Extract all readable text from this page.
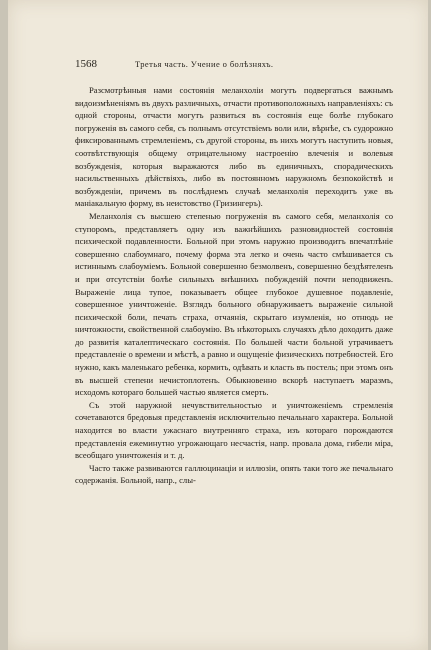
1568	Третья часть. Учение о болѣзняхъ.

Разсмотрѣнныя нами состоянія меланхоліи могутъ подвергаться важнымъ видоизмѣненіямъ въ двухъ различныхъ, отчасти противоположныхъ направленіяхъ: съ одной стороны, отчасти могутъ развиться въ состоянія еще болѣе глубокаго погруженія въ самого себя, съ полнымъ отсутствіемъ воли или, вѣрнѣе, съ судорожно фиксированнымъ стремленіемъ, съ другой стороны, въ нихъ могутъ наступить новыя, соотвѣтствующія общему отрицательному настроенію влеченія и волевыя возбужденія, которыя выражаются либо въ единичныхъ, спорадическихъ насильственныхъ дѣйствіяхъ, либо въ постоянномъ наружномъ безпокойствѣ и возбужденіи, причемъ въ послѣднемъ случаѣ меланхолія переходитъ уже въ маніакальную форму, въ неистовство (Гризингеръ).

Меланхолія съ высшею степенью погруженія въ самого себя, меланхолія со ступоромъ, представляетъ одну изъ важнѣйшихъ разновидностей состоянія психической подавленности. Больной при этомъ наружно производитъ впечатлѣніе совершенно слабоумнаго, почему форма эта легко и очень часто смѣшивается съ истиннымъ слабоуміемъ. Больной совершенно безмолвенъ, совершенно бездѣятеленъ и при отсутствіи болѣе сильныхъ внѣшнихъ побужденій почти неподвиженъ. Выраженіе лица тупое, показываетъ общее глубокое душевное подавленіе, совершенное уничтоженіе. Взглядъ больного обнаруживаетъ выраженіе сильной психической боли, печать страха, отчаянія, скрытаго изумленія, но отнюдь не ничтожности, свойственной слабоумію. Въ нѣкоторыхъ случаяхъ дѣло доходитъ даже до развитія каталептическаго состоянія. По большей части больной утрачиваетъ представленіе о времени и мѣстѣ, а равно и ощущеніе физическихъ потребностей. Его нужно, какъ маленькаго ребенка, кормить, одѣвать и класть въ постель; при этомъ онъ въ высшей степени нечистоплотенъ. Обыкновенно вскорѣ наступаетъ маразмъ, исходомъ котораго большей частью является смерть.

Съ этой наружной нечувствительностью и уничтоженіемъ стремленія сочетаваются бредовыя представленія исключительно печальнаго характера. Больной находится во власти ужаснаго внутренняго страха, изъ котораго порождаются представленія ежеминутно угрожающаго несчастія, напр. провала дома, гибели міра, всеобщаго уничтоженія и т. д.

Часто также развиваются галлюцинаціи и иллюзіи, опять таки того же печальнаго содержанія. Больной, напр., слы-
